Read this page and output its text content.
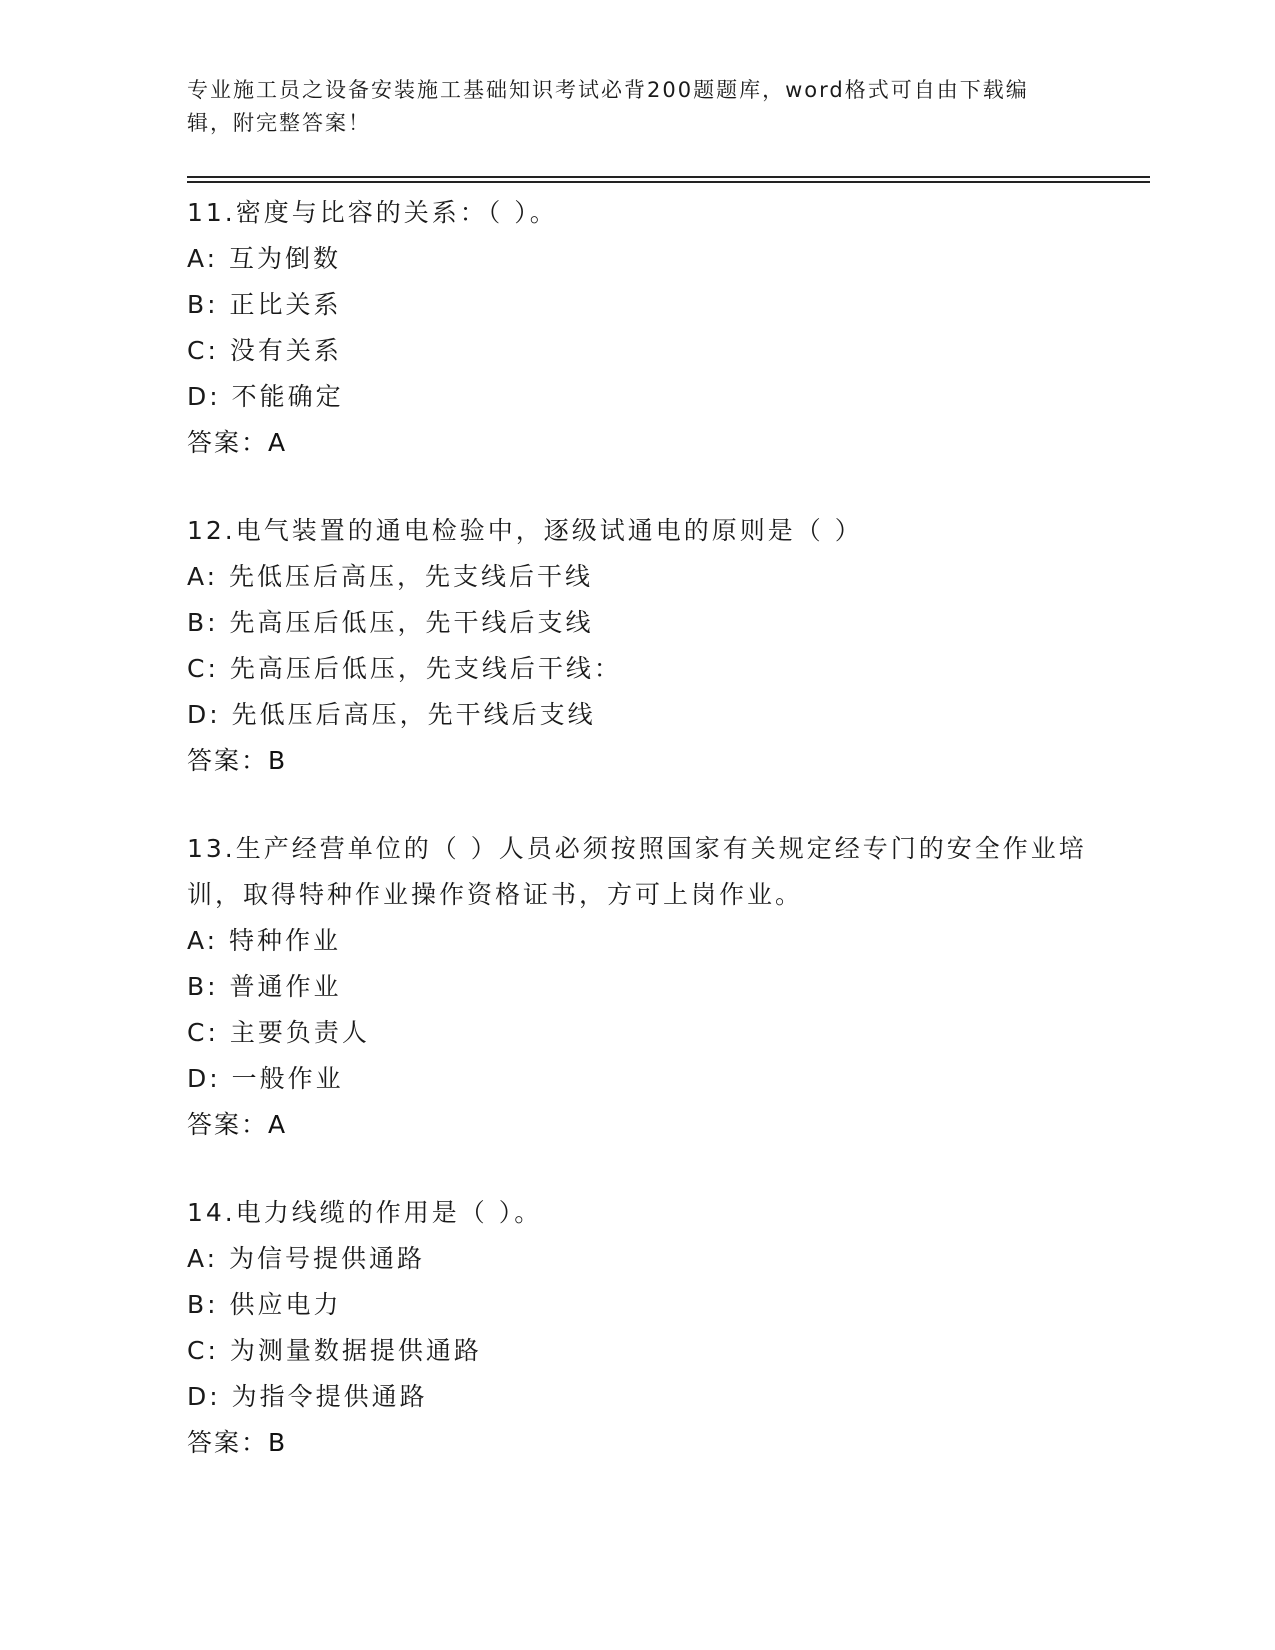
专业施工员之设备安装施工基础知识考试必背200题题库，word格式可自由下载编辑，附完整答案！
11.密度与比容的关系：（ ）。
A: 互为倒数
B: 正比关系
C: 没有关系
D: 不能确定
答案：A
12.电气装置的通电检验中，逐级试通电的原则是（ ）
A: 先低压后高压，先支线后干线
B: 先高压后低压，先干线后支线
C: 先高压后低压，先支线后干线：
D: 先低压后高压，先干线后支线
答案：B
13.生产经营单位的（ ）人员必须按照国家有关规定经专门的安全作业培训，取得特种作业操作资格证书，方可上岗作业。
A: 特种作业
B: 普通作业
C: 主要负责人
D: 一般作业
答案：A
14.电力线缆的作用是（ ）。
A: 为信号提供通路
B: 供应电力
C: 为测量数据提供通路
D: 为指令提供通路
答案：B
